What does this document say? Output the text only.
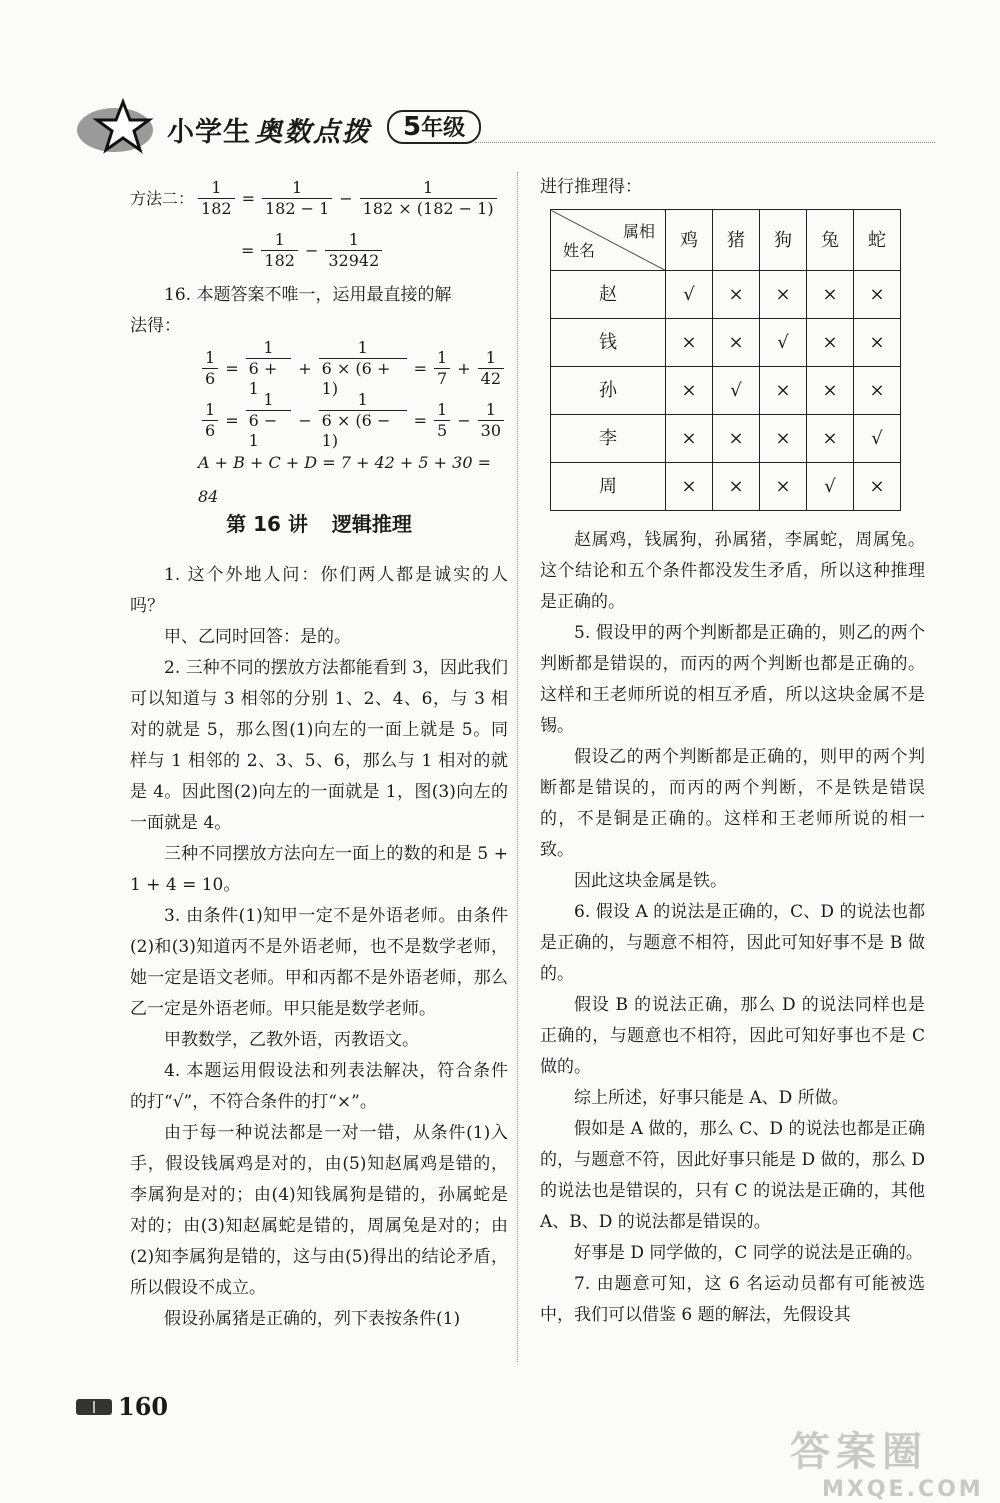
小学生 奥数点拨	5年级
方法二： $\frac{1}{182} = \frac{1}{182 - 1} - \frac{1}{182 \times (182 - 1)}$
= $\frac{1}{182} - \frac{1}{32942}$

16. 本题答案不唯一，运用最直接的解

法得：

$\frac{1}{6} = \frac{1}{6 + 1} + \frac{1}{6 \times (6 + 1)} = \frac{1}{7} + \frac{1}{42}$
$\frac{1}{6} = \frac{1}{6 - 1} - \frac{1}{6 \times (6 - 1)} = \frac{1}{5} - \frac{1}{30}$
A + B + C + D = 7 + 42 + 5 + 30 = 84
第 16 讲 逻辑推理

1. 这个外地人问：你们两人都是诚实的人吗？

甲、乙同时回答：是的。

2. 三种不同的摆放方法都能看到 3，因此我们可以知道与 3 相邻的分别 1、2、4、6，与 3 相对的就是 5，那么图(1)向左的一面上就是 5。同样与 1 相邻的 2、3、5、6，那么与 1 相对的就是 4。因此图(2)向左的一面就是 1，图(3)向左的一面就是 4。

三种不同摆放方法向左一面上的数的和是 5 + 1 + 4 = 10。

3. 由条件(1)知甲一定不是外语老师。由条件(2)和(3)知道丙不是外语老师，也不是数学老师，她一定是语文老师。甲和丙都不是外语老师，那么乙一定是外语老师。甲只能是数学老师。

甲教数学，乙教外语，丙教语文。

4. 本题运用假设法和列表法解决，符合条件的打“√”，不符合条件的打“×”。

由于每一种说法都是一对一错，从条件(1)入手，假设钱属鸡是对的，由(5)知赵属鸡是错的，李属狗是对的；由(4)知钱属狗是错的，孙属蛇是对的；由(3)知赵属蛇是错的，周属兔是对的；由(2)知李属狗是错的，这与由(5)得出的结论矛盾，所以假设不成立。

假设孙属猪是正确的，列下表按条件(1)

进行推理得：

属相
姓名	鸡	猪	狗	兔	蛇
赵	√	×	×	×	×
钱	×	×	√	×	×
孙	×	√	×	×	×
李	×	×	×	×	√
周	×	×	×	√	×

赵属鸡，钱属狗，孙属猪，李属蛇，周属兔。这个结论和五个条件都没发生矛盾，所以这种推理是正确的。

5. 假设甲的两个判断都是正确的，则乙的两个判断都是错误的，而丙的两个判断也都是正确的。这样和王老师所说的相互矛盾，所以这块金属不是锡。

假设乙的两个判断都是正确的，则甲的两个判断都是错误的，而丙的两个判断，不是铁是错误的，不是铜是正确的。这样和王老师所说的相一致。

因此这块金属是铁。

6. 假设 A 的说法是正确的，C、D 的说法也都是正确的，与题意不相符，因此可知好事不是 B 做的。

假设 B 的说法正确，那么 D 的说法同样也是正确的，与题意也不相符，因此可知好事也不是 C 做的。

综上所述，好事只能是 A、D 所做。

假如是 A 做的，那么 C、D 的说法也都是正确的，与题意不符，因此好事只能是 D 做的，那么 D 的说法也是错误的，只有 C 的说法是正确的，其他 A、B、D 的说法都是错误的。

好事是 D 同学做的，C 同学的说法是正确的。

7. 由题意可知，这 6 名运动员都有可能被选中，我们可以借鉴 6 题的解法，先假设其

160
答案圈
MXQE.COM
